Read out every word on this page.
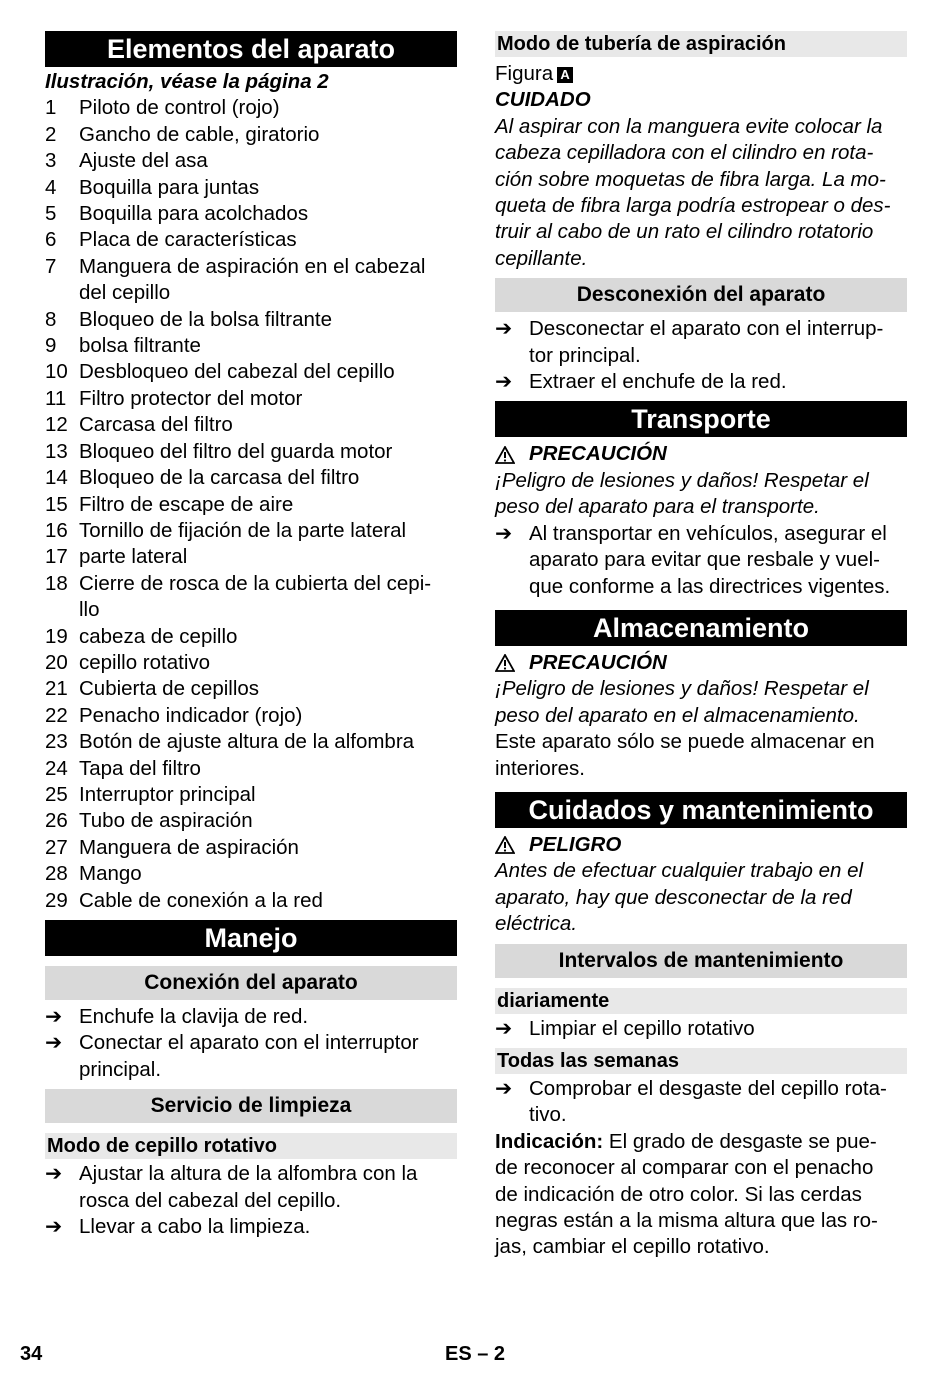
Elementos del aparato
Ilustración, véase la página 2
1	Piloto de control (rojo)
2	Gancho de cable, giratorio
3	Ajuste del asa
4	Boquilla para juntas
5	Boquilla para acolchados
6	Placa de características
7	Manguera de aspiración en el cabezal
del cepillo
8	Bloqueo de la bolsa filtrante
9	bolsa filtrante
10 Desbloqueo del cabezal del cepillo
11 Filtro protector del motor
12 Carcasa del filtro
13 Bloqueo del filtro del guarda motor
14 Bloqueo de la carcasa del filtro
15 Filtro de escape de aire
16 Tornillo de fijación de la parte lateral
17 parte lateral
18 Cierre de rosca de la cubierta del cepi-
llo
19 cabeza de cepillo
20 cepillo rotativo
21 Cubierta de cepillos
22 Penacho indicador (rojo)
23 Botón de ajuste altura de la alfombra
24 Tapa del filtro
25 Interruptor principal
26 Tubo de aspiración
27 Manguera de aspiración
28 Mango
29 Cable de conexión a la red
Manejo
Conexión del aparato
➔ Enchufe la clavija de red.
➔ Conectar el aparato con el interruptor
principal.
Servicio de limpieza
Modo de cepillo rotativo
➔ Ajustar la altura de la alfombra con la
rosca del cabezal del cepillo.
➔ Llevar a cabo la limpieza.
Modo de tubería de aspiración
Figura A
CUIDADO
Al aspirar con la manguera evite colocar la
cabeza cepilladora con el cilindro en rota-
ción sobre moquetas de fibra larga. La mo-
queta de fibra larga podría estropear o des-
truir al cabo de un rato el cilindro rotatorio
cepillante.
Desconexión del aparato
➔ Desconectar el aparato con el interrup-
tor principal.
➔ Extraer el enchufe de la red.
Transporte
PRECAUCIÓN
¡Peligro de lesiones y daños! Respetar el
peso del aparato para el transporte.
➔ Al transportar en vehículos, asegurar el
aparato para evitar que resbale y vuel-
que conforme a las directrices vigentes.
Almacenamiento
PRECAUCIÓN
¡Peligro de lesiones y daños! Respetar el
peso del aparato en el almacenamiento.
Este aparato sólo se puede almacenar en
interiores.
Cuidados y mantenimiento
PELIGRO
Antes de efectuar cualquier trabajo en el
aparato, hay que desconectar de la red
eléctrica.
Intervalos de mantenimiento
diariamente
➔ Limpiar el cepillo rotativo
Todas las semanas
➔ Comprobar el desgaste del cepillo rota-
tivo.
Indicación: El grado de desgaste se pue-
de reconocer al comparar con el penacho
de indicación de otro color. Si las cerdas
negras están a la misma altura que las ro-
jas, cambiar el cepillo rotativo.
34	ES – 2
